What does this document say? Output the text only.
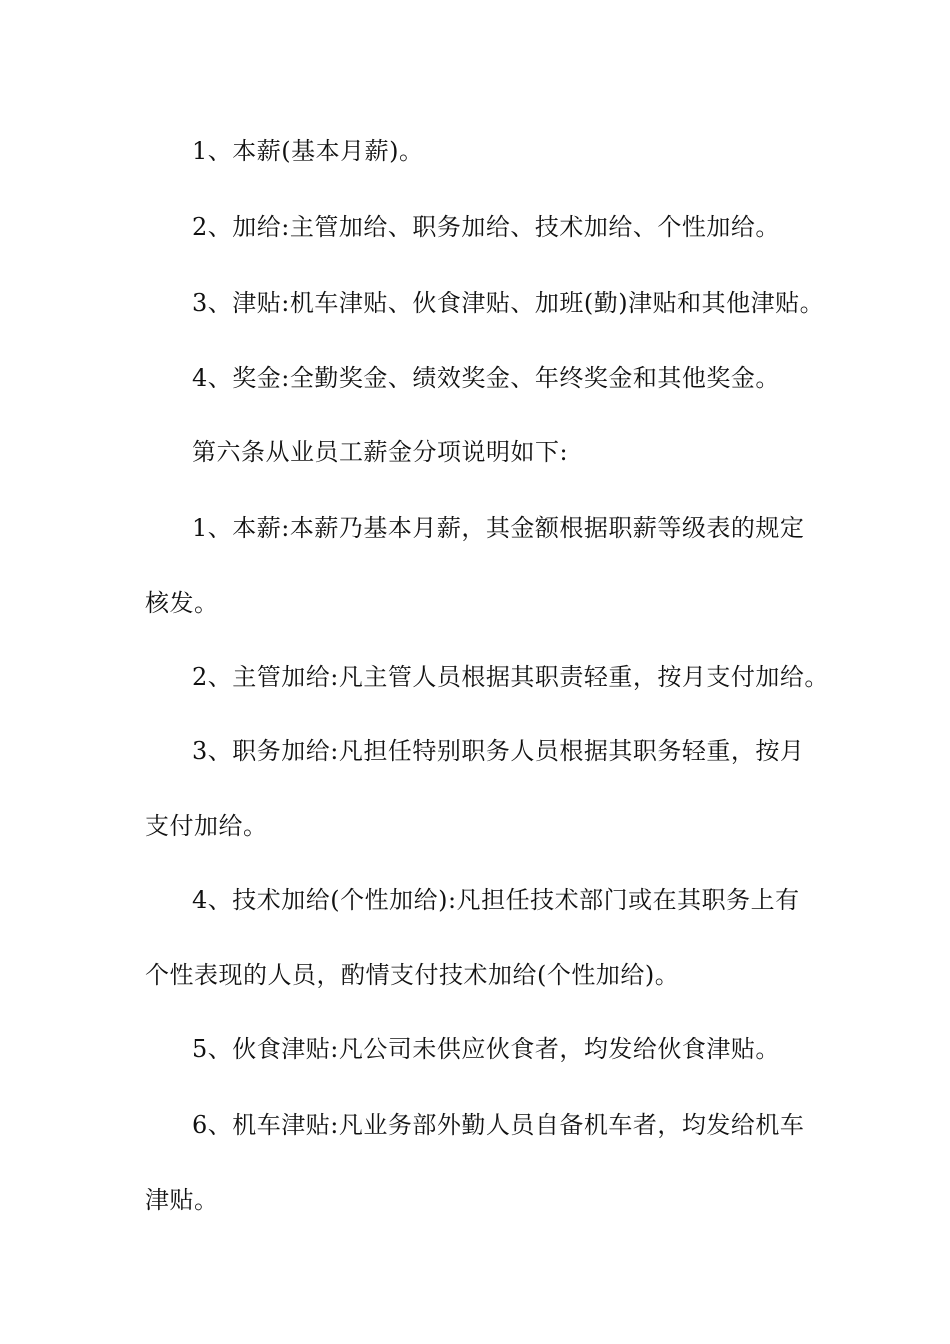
1、本薪(基本月薪)。
2、加给:主管加给、职务加给、技术加给、个性加给。
3、津贴:机车津贴、伙食津贴、加班(勤)津贴和其他津贴。
4、奖金:全勤奖金、绩效奖金、年终奖金和其他奖金。
第六条从业员工薪金分项说明如下:
1、本薪:本薪乃基本月薪，其金额根据职薪等级表的规定
核发。
2、主管加给:凡主管人员根据其职责轻重，按月支付加给。
3、职务加给:凡担任特别职务人员根据其职务轻重，按月
支付加给。
4、技术加给(个性加给):凡担任技术部门或在其职务上有
个性表现的人员，酌情支付技术加给(个性加给)。
5、伙食津贴:凡公司未供应伙食者，均发给伙食津贴。
6、机车津贴:凡业务部外勤人员自备机车者，均发给机车
津贴。
